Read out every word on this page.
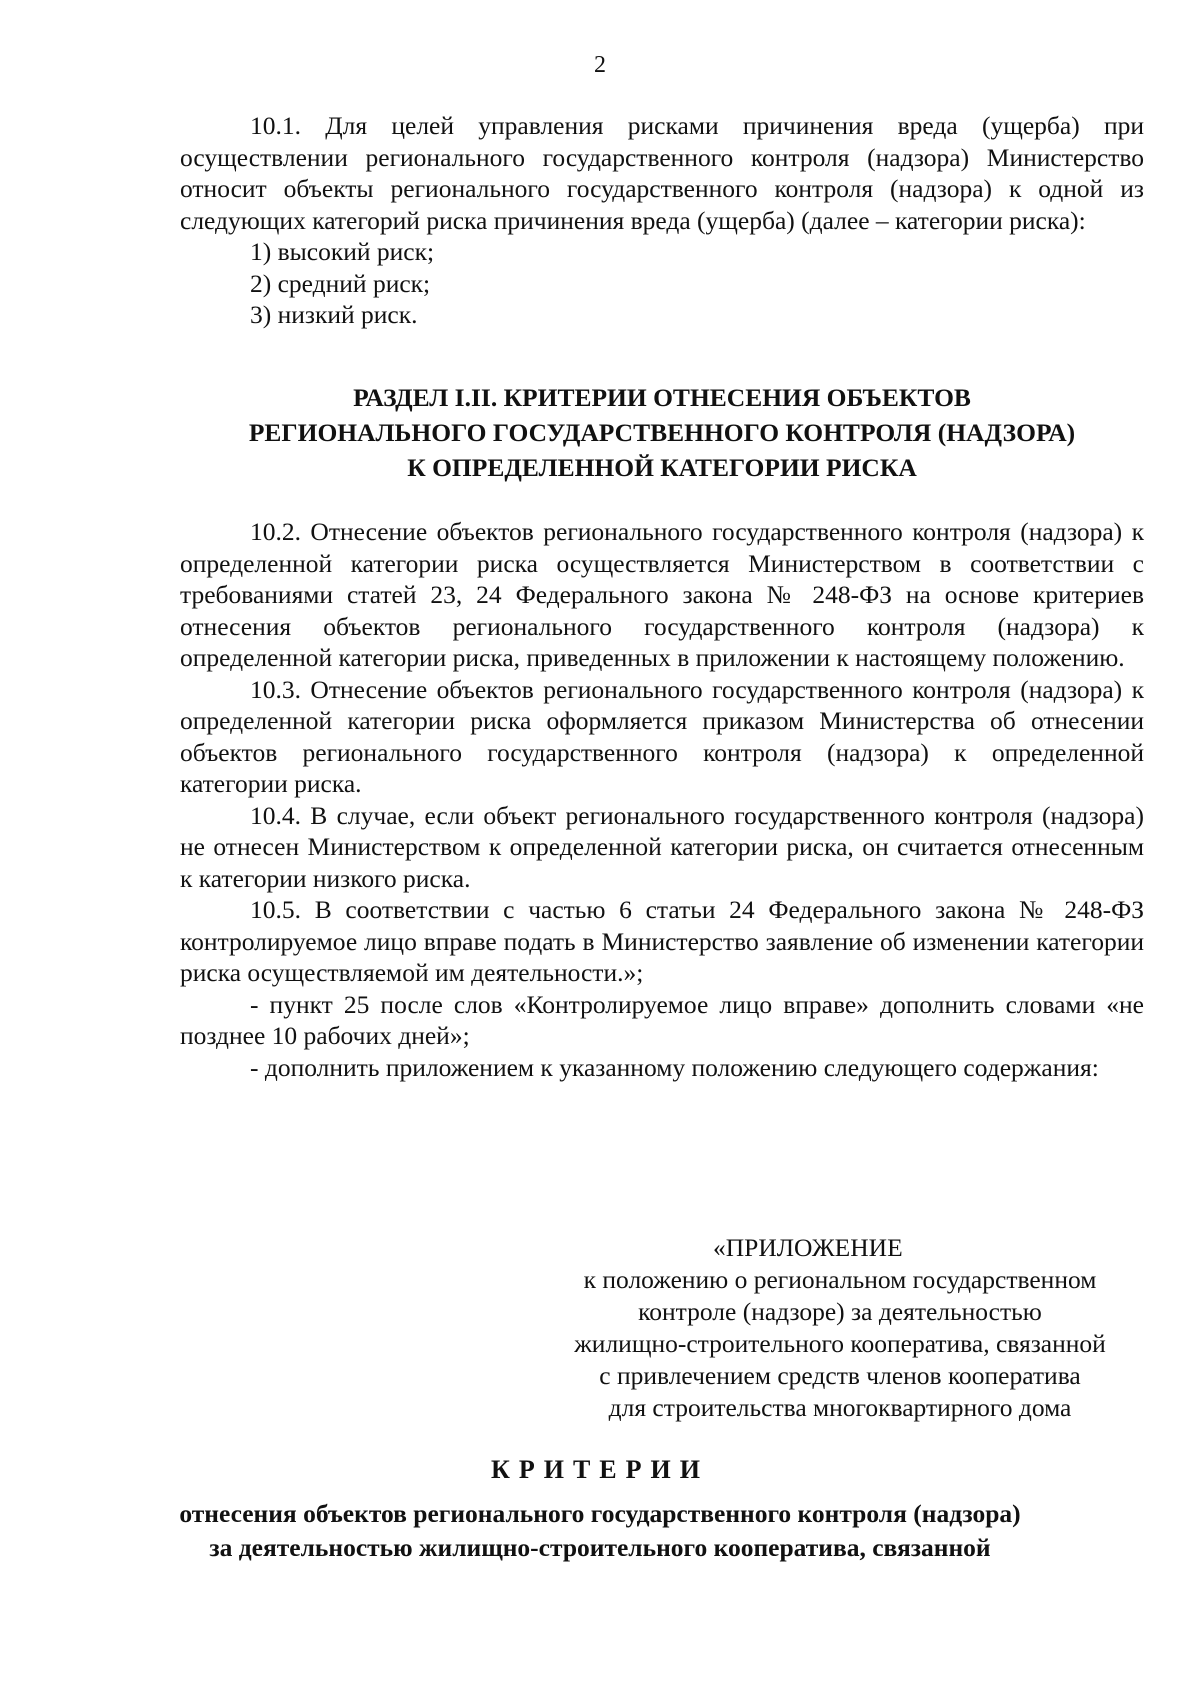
2

10.1. Для целей управления рисками причинения вреда (ущерба) при осуществлении регионального государственного контроля (надзора) Министерство относит объекты регионального государственного контроля (надзора) к одной из следующих категорий риска причинения вреда (ущерба) (далее – категории риска):

1) высокий риск;
2) средний риск;
3) низкий риск.
РАЗДЕЛ I.II. КРИТЕРИИ ОТНЕСЕНИЯ ОБЪЕКТОВ
РЕГИОНАЛЬНОГО ГОСУДАРСТВЕННОГО КОНТРОЛЯ (НАДЗОРА)
К ОПРЕДЕЛЕННОЙ КАТЕГОРИИ РИСКА

10.2. Отнесение объектов регионального государственного контроля (надзора) к определенной категории риска осуществляется Министерством в соответствии с требованиями статей 23, 24 Федерального закона № 248-ФЗ на основе критериев отнесения объектов регионального государственного контроля (надзора) к определенной категории риска, приведенных в приложении к настоящему положению.

10.3. Отнесение объектов регионального государственного контроля (надзора) к определенной категории риска оформляется приказом Министерства об отнесении объектов регионального государственного контроля (надзора) к определенной категории риска.

10.4. В случае, если объект регионального государственного контроля (надзора) не отнесен Министерством к определенной категории риска, он считается отнесенным к категории низкого риска.

10.5. В соответствии с частью 6 статьи 24 Федерального закона № 248-ФЗ контролируемое лицо вправе подать в Министерство заявление об изменении категории риска осуществляемой им деятельности.»;

- пункт 25 после слов «Контролируемое лицо вправе» дополнить словами «не позднее 10 рабочих дней»;

- дополнить приложением к указанному положению следующего содержания:

«ПРИЛОЖЕНИЕ
к положению о региональном государственном
контроле (надзоре) за деятельностью
жилищно-строительного кооператива, связанной
с привлечением средств членов кооператива
для строительства многоквартирного дома
КРИТЕРИИ
отнесения объектов регионального государственного контроля (надзора)
за деятельностью жилищно-строительного кооператива, связанной
